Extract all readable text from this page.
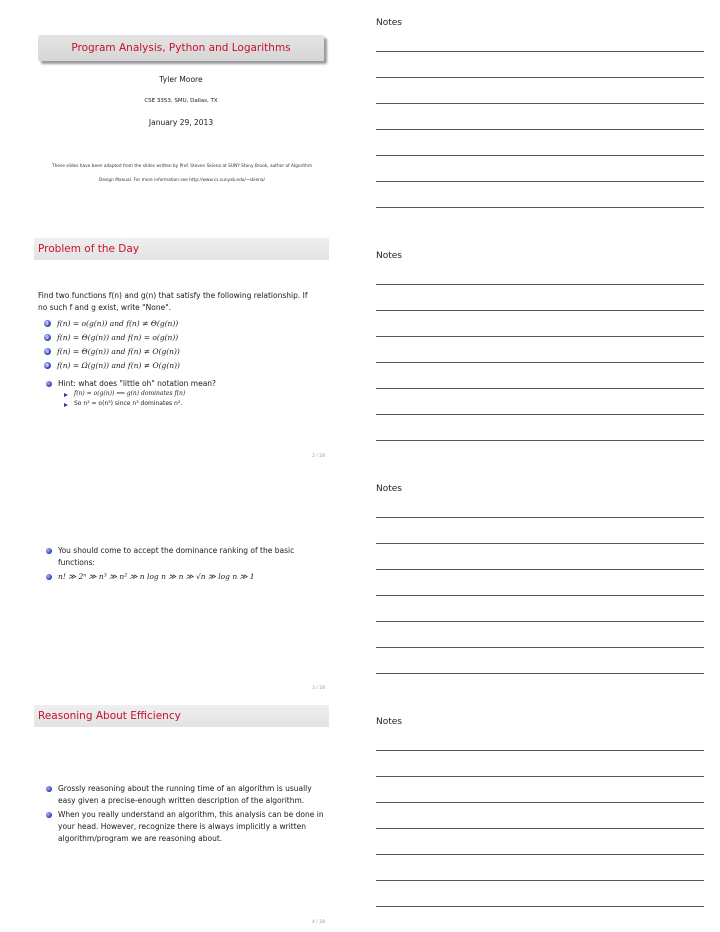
Program Analysis, Python and Logarithms
Tyler Moore
CSE 3353, SMU, Dallas, TX
January 29, 2013
These slides have been adapted from the slides written by Prof. Steven Skiena at SUNY Stony Brook, author of Algorithm
Design Manual. For more information see http://www.cs.sunysb.edu/~skiena/
Notes
Problem of the Day
Find two functions f(n) and g(n) that satisfy the following relationship. If
no such f and g exist, write "None".
1 f(n) = o(g(n)) and f(n) ≠ Θ(g(n))
2 f(n) = Θ(g(n)) and f(n) = o(g(n))
3 f(n) = Θ(g(n)) and f(n) ≠ O(g(n))
4 f(n) = Ω(g(n)) and f(n) ≠ O(g(n))
Hint: what does "little oh" notation mean?
f(n) = o(g(n)) ⟺ g(n) dominates f(n)
So n² = o(n³) since n³ dominates n².
2 / 28
Notes
You should come to accept the dominance ranking of the basic
functions:
n! ≫ 2ⁿ ≫ n³ ≫ n² ≫ n log n ≫ n ≫ √n ≫ log n ≫ 1
3 / 28
Notes
Reasoning About Efficiency
Grossly reasoning about the running time of an algorithm is usually
easy given a precise-enough written description of the algorithm.
When you really understand an algorithm, this analysis can be done in
your head. However, recognize there is always implicitly a written
algorithm/program we are reasoning about.
4 / 28
Notes
